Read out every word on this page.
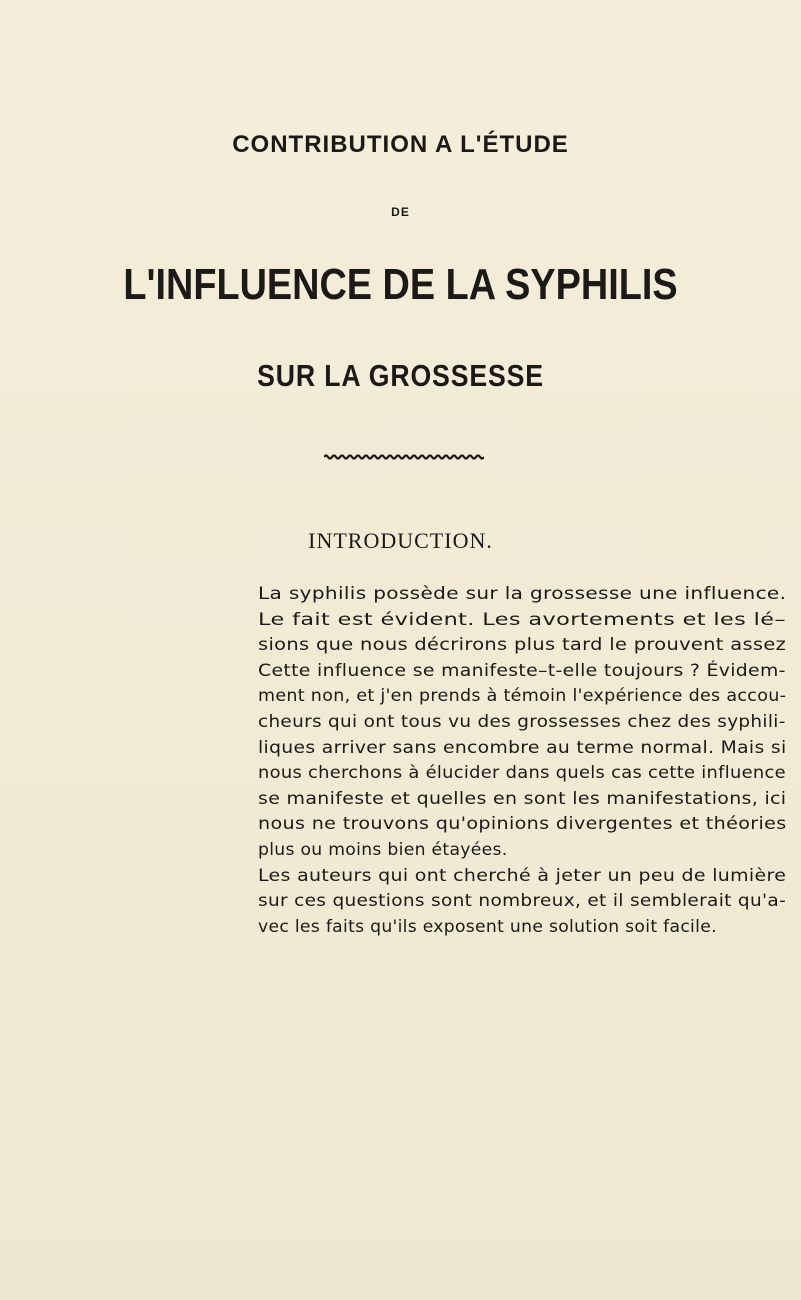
CONTRIBUTION A L'ÉTUDE
DE
L'INFLUENCE DE LA SYPHILIS
SUR LA GROSSESSE
INTRODUCTION.
La syphilis possède sur la grossesse une influence.
Le fait est évident. Les avortements et les lé–
sions que nous décrirons plus tard le prouvent assez
Cette influence se manifeste–t-elle toujours ? Évidem-
ment non, et j'en prends à témoin l'expérience des accou-
cheurs qui ont tous vu des grossesses chez des syphili-
liques arriver sans encombre au terme normal. Mais si
nous cherchons à élucider dans quels cas cette influence
se manifeste et quelles en sont les manifestations, ici
nous ne trouvons qu'opinions divergentes et théories
plus ou moins bien étayées.
Les auteurs qui ont cherché à jeter un peu de lumière
sur ces questions sont nombreux, et il semblerait qu'a-
vec les faits qu'ils exposent une solution soit facile.
